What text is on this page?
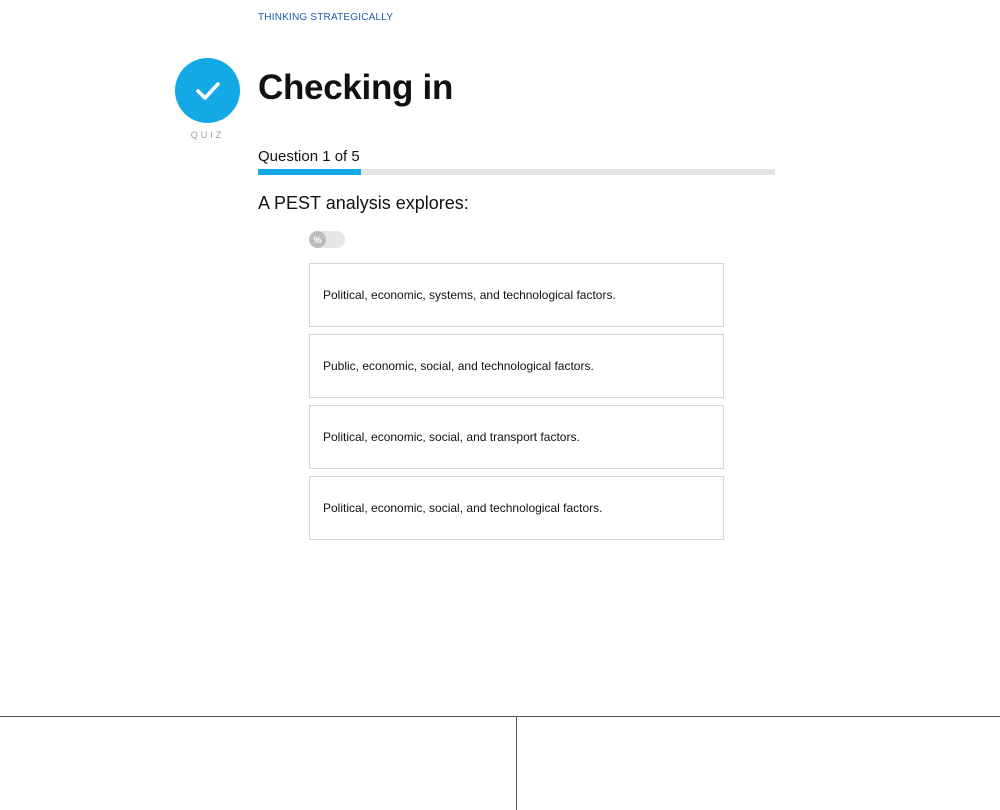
THINKING STRATEGICALLY
QUIZ
Checking in
Question 1 of 5
A PEST analysis explores:
%
Political, economic, systems, and technological factors.
Public, economic, social, and technological factors.
Political, economic, social, and transport factors.
Political, economic, social, and technological factors.
